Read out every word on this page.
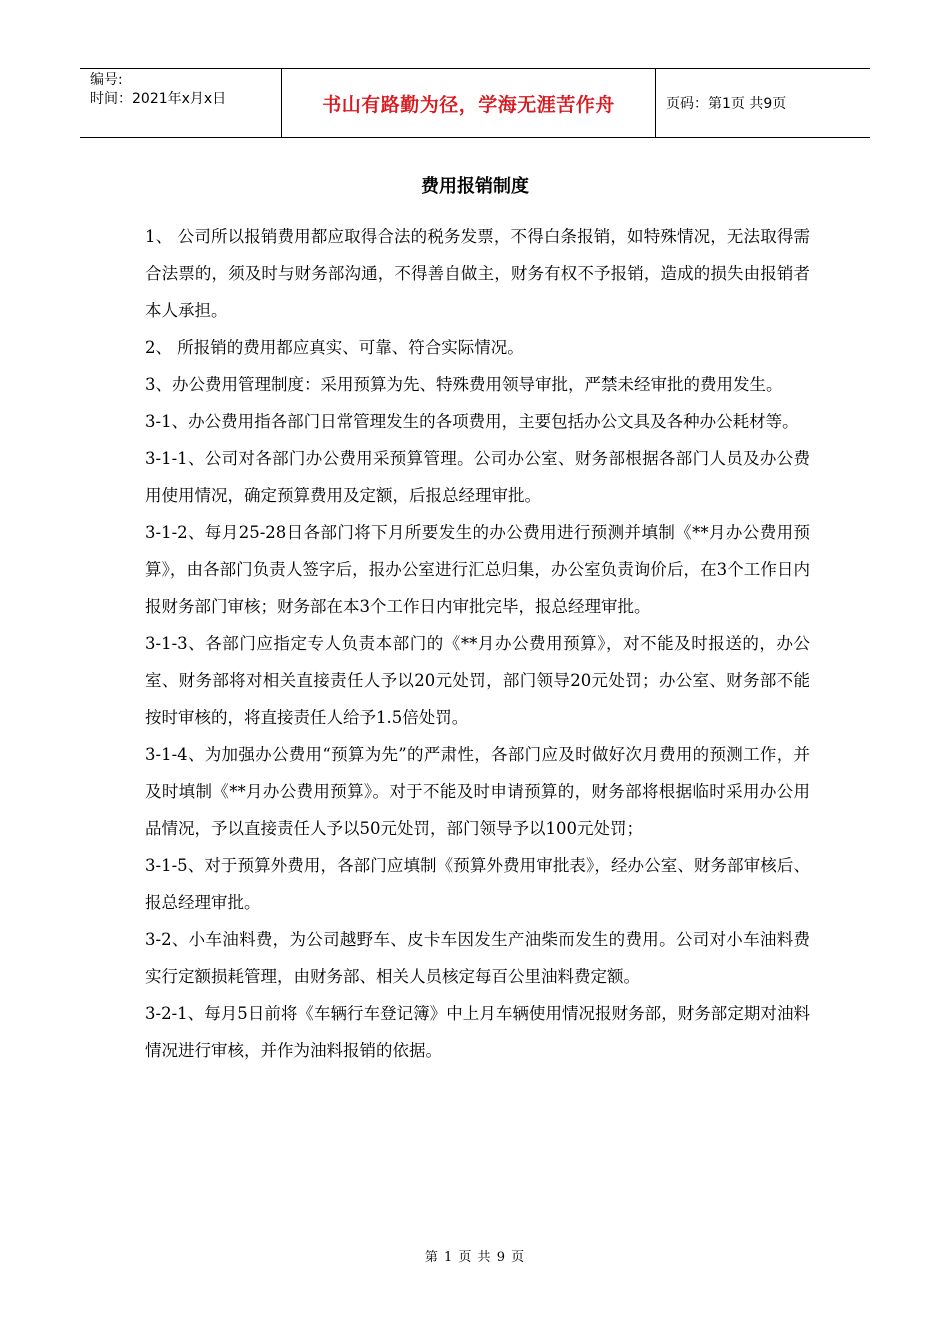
编号:
时间：2021年x月x日	书山有路勤为径，学海无涯苦作舟	页码：第1页 共9页
费用报销制度

1、 公司所以报销费用都应取得合法的税务发票，不得白条报销，如特殊情况，无法取得需合法票的，须及时与财务部沟通，不得善自做主，财务有权不予报销，造成的损失由报销者本人承担。

2、 所报销的费用都应真实、可靠、符合实际情况。

3、办公费用管理制度：采用预算为先、特殊费用领导审批，严禁未经审批的费用发生。

3-1、办公费用指各部门日常管理发生的各项费用，主要包括办公文具及各种办公耗材等。

3-1-1、公司对各部门办公费用采预算管理。公司办公室、财务部根据各部门人员及办公费用使用情况，确定预算费用及定额，后报总经理审批。

3-1-2、每月25-28日各部门将下月所要发生的办公费用进行预测并填制《**月办公费用预算》，由各部门负责人签字后，报办公室进行汇总归集，办公室负责询价后，在3个工作日内报财务部门审核；财务部在本3个工作日内审批完毕，报总经理审批。

3-1-3、各部门应指定专人负责本部门的《**月办公费用预算》，对不能及时报送的，办公室、财务部将对相关直接责任人予以20元处罚，部门领导20元处罚；办公室、财务部不能按时审核的，将直接责任人给予1.5倍处罚。

3-1-4、为加强办公费用“预算为先”的严肃性，各部门应及时做好次月费用的预测工作，并及时填制《**月办公费用预算》。对于不能及时申请预算的，财务部将根据临时采用办公用品情况，予以直接责任人予以50元处罚，部门领导予以100元处罚；

3-1-5、对于预算外费用，各部门应填制《预算外费用审批表》，经办公室、财务部审核后、报总经理审批。

3-2、小车油料费，为公司越野车、皮卡车因发生产油柴而发生的费用。公司对小车油料费实行定额损耗管理，由财务部、相关人员核定每百公里油料费定额。

3-2-1、每月5日前将《车辆行车登记簿》中上月车辆使用情况报财务部，财务部定期对油料情况进行审核，并作为油料报销的依据。

第 1 页 共 9 页
